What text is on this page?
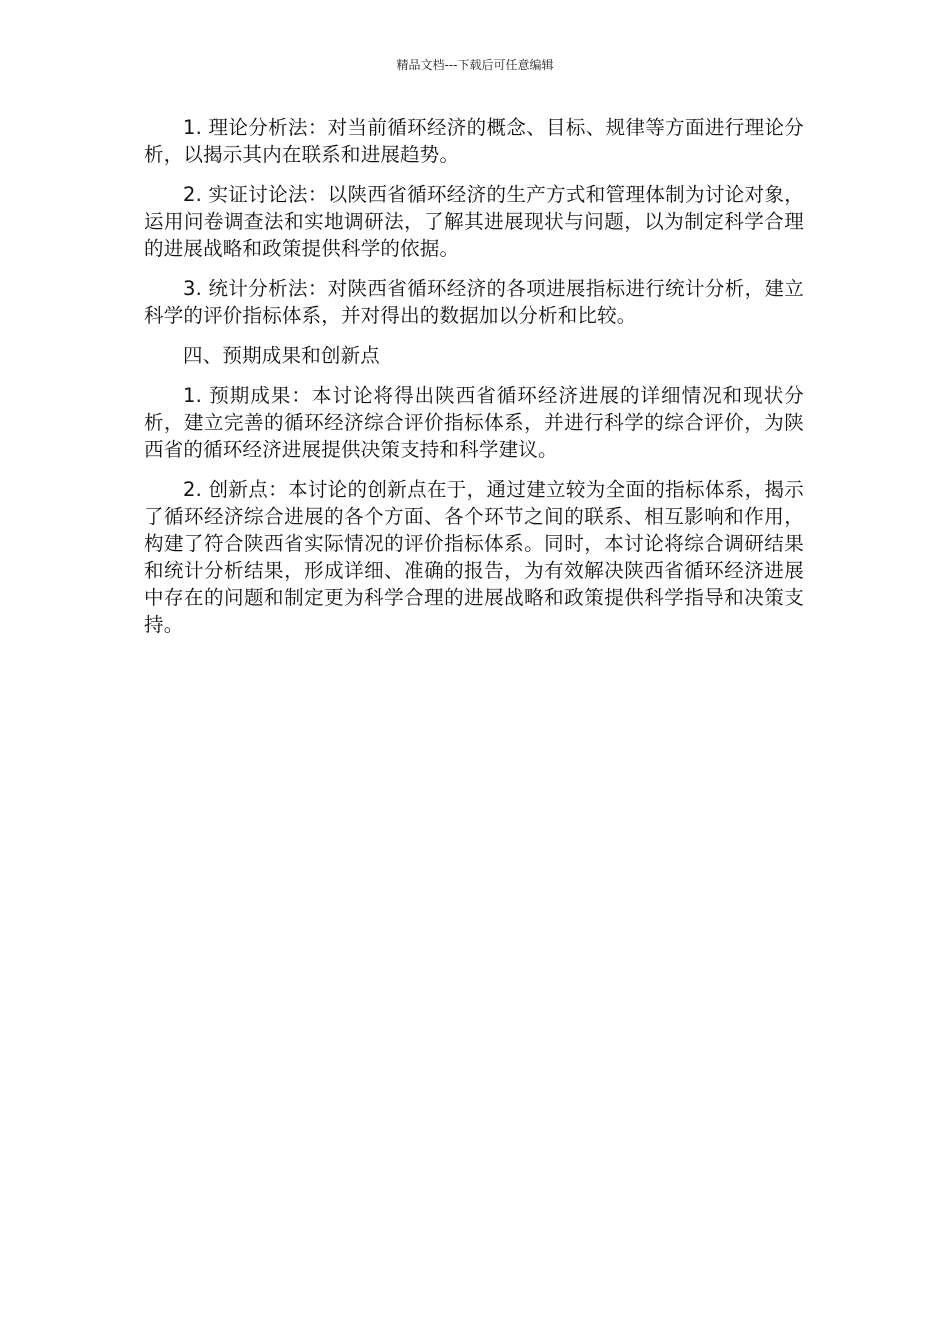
精品文档---下载后可任意编辑

1. 理论分析法：对当前循环经济的概念、目标、规律等方面进行理论分析，以揭示其内在联系和进展趋势。

2. 实证讨论法：以陕西省循环经济的生产方式和管理体制为讨论对象，运用问卷调查法和实地调研法，了解其进展现状与问题，以为制定科学合理的进展战略和政策提供科学的依据。

3. 统计分析法：对陕西省循环经济的各项进展指标进行统计分析，建立科学的评价指标体系，并对得出的数据加以分析和比较。

四、预期成果和创新点

1. 预期成果：本讨论将得出陕西省循环经济进展的详细情况和现状分析，建立完善的循环经济综合评价指标体系，并进行科学的综合评价，为陕西省的循环经济进展提供决策支持和科学建议。

2. 创新点：本讨论的创新点在于，通过建立较为全面的指标体系，揭示了循环经济综合进展的各个方面、各个环节之间的联系、相互影响和作用，构建了符合陕西省实际情况的评价指标体系。同时，本讨论将综合调研结果和统计分析结果，形成详细、准确的报告，为有效解决陕西省循环经济进展中存在的问题和制定更为科学合理的进展战略和政策提供科学指导和决策支持。
